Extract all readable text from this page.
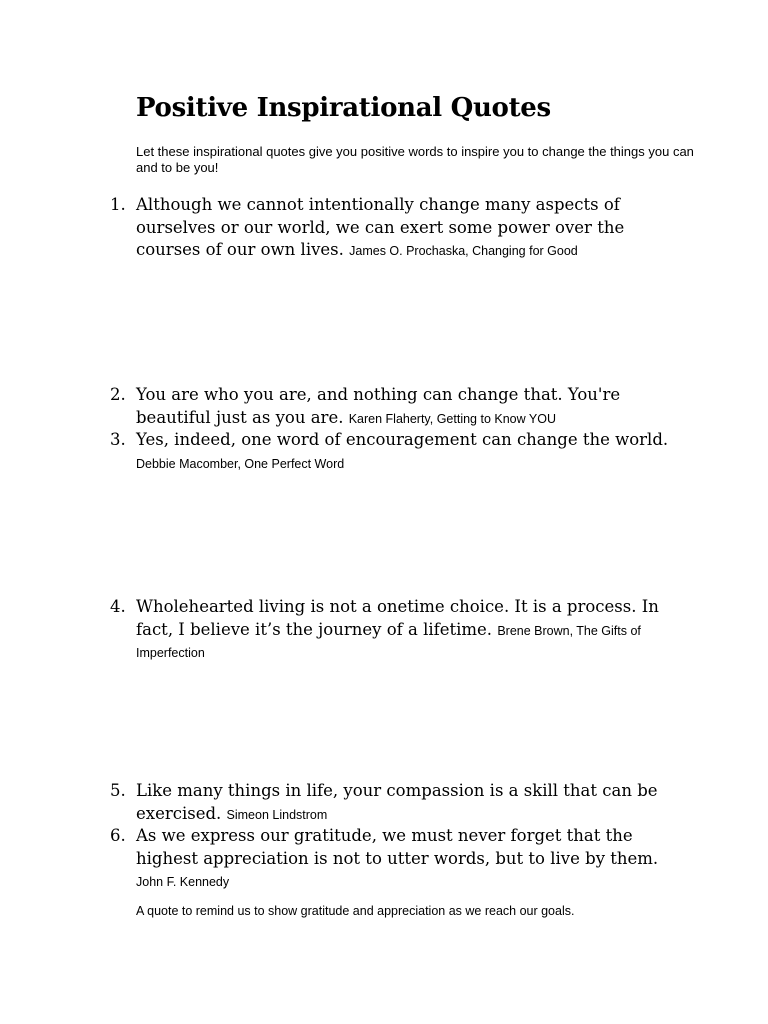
Positive Inspirational Quotes

Let these inspirational quotes give you positive words to inspire you to change the things you can and to be you!

1. Although we cannot intentionally change many aspects of ourselves or our world, we can exert some power over the courses of our own lives. James O. Prochaska, Changing for Good
2. You are who you are, and nothing can change that. You're beautiful just as you are. Karen Flaherty, Getting to Know YOU
3. Yes, indeed, one word of encouragement can change the world. Debbie Macomber, One Perfect Word
4. Wholehearted living is not a onetime choice. It is a process. In fact, I believe it’s the journey of a lifetime. Brene Brown, The Gifts of Imperfection
5. Like many things in life, your compassion is a skill that can be exercised. Simeon Lindstrom
6. As we express our gratitude, we must never forget that the highest appreciation is not to utter words, but to live by them. John F. Kennedy

A quote to remind us to show gratitude and appreciation as we reach our goals.
